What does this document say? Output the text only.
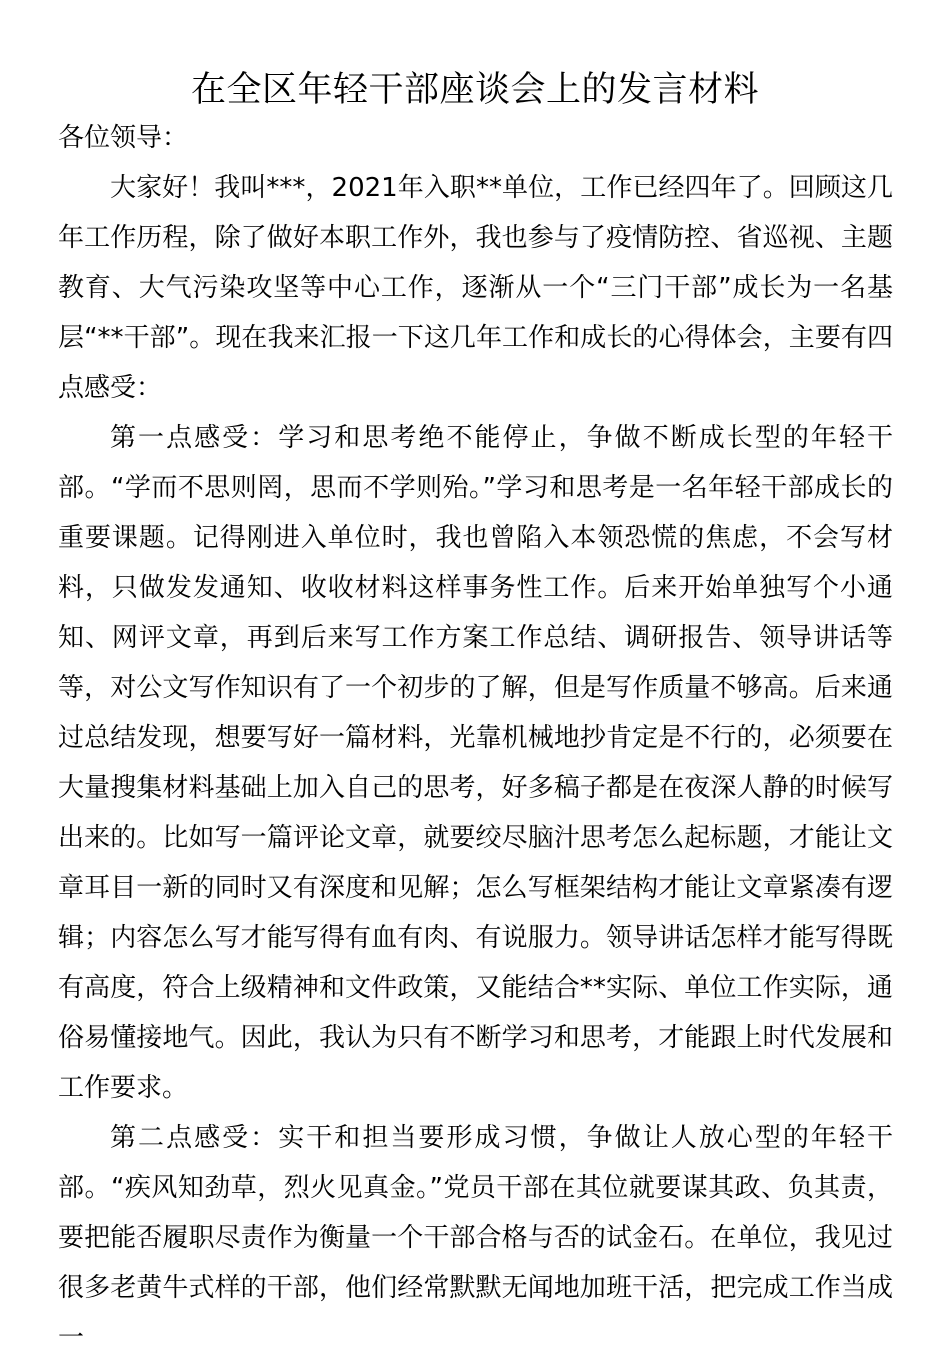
在全区年轻干部座谈会上的发言材料

各位领导：

大家好！我叫***，2021年入职**单位，工作已经四年了。回顾这几年工作历程，除了做好本职工作外，我也参与了疫情防控、省巡视、主题教育、大气污染攻坚等中心工作，逐渐从一个“三门干部”成长为一名基层“**干部”。现在我来汇报一下这几年工作和成长的心得体会，主要有四点感受：

第一点感受：学习和思考绝不能停止，争做不断成长型的年轻干部。“学而不思则罔，思而不学则殆。”学习和思考是一名年轻干部成长的重要课题。记得刚进入单位时，我也曾陷入本领恐慌的焦虑，不会写材料，只做发发通知、收收材料这样事务性工作。后来开始单独写个小通知、网评文章，再到后来写工作方案工作总结、调研报告、领导讲话等等，对公文写作知识有了一个初步的了解，但是写作质量不够高。后来通过总结发现，想要写好一篇材料，光靠机械地抄肯定是不行的，必须要在大量搜集材料基础上加入自己的思考，好多稿子都是在夜深人静的时候写出来的。比如写一篇评论文章，就要绞尽脑汁思考怎么起标题，才能让文章耳目一新的同时又有深度和见解；怎么写框架结构才能让文章紧凑有逻辑；内容怎么写才能写得有血有肉、有说服力。领导讲话怎样才能写得既有高度，符合上级精神和文件政策，又能结合**实际、单位工作实际，通俗易懂接地气。因此，我认为只有不断学习和思考，才能跟上时代发展和工作要求。

第二点感受：实干和担当要形成习惯，争做让人放心型的年轻干部。“疾风知劲草，烈火见真金。”党员干部在其位就要谋其政、负其责，要把能否履职尽责作为衡量一个干部合格与否的试金石。在单位，我见过很多老黄牛式样的干部，他们经常默默无闻地加班干活，把完成工作当成一
